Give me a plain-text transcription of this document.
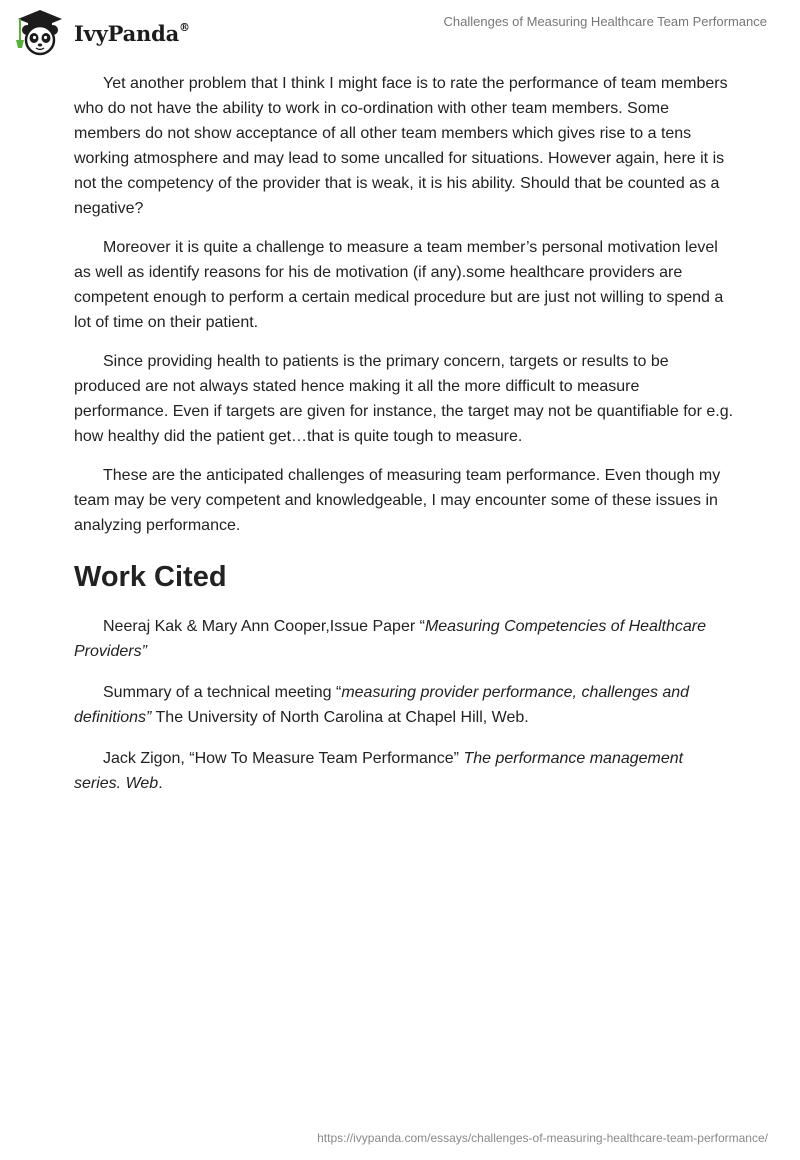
IvyPanda®	Challenges of Measuring Healthcare Team Performance

Yet another problem that I think I might face is to rate the performance of team members who do not have the ability to work in co-ordination with other team members. Some members do not show acceptance of all other team members which gives rise to a tens working atmosphere and may lead to some uncalled for situations. However again, here it is not the competency of the provider that is weak, it is his ability. Should that be counted as a negative?

Moreover it is quite a challenge to measure a team member’s personal motivation level as well as identify reasons for his de motivation (if any).some healthcare providers are competent enough to perform a certain medical procedure but are just not willing to spend a lot of time on their patient.

Since providing health to patients is the primary concern, targets or results to be produced are not always stated hence making it all the more difficult to measure performance. Even if targets are given for instance, the target may not be quantifiable for e.g. how healthy did the patient get…that is quite tough to measure.

These are the anticipated challenges of measuring team performance. Even though my team may be very competent and knowledgeable, I may encounter some of these issues in analyzing performance.

Work Cited

Neeraj Kak & Mary Ann Cooper,Issue Paper “Measuring Competencies of Healthcare Providers”

Summary of a technical meeting “measuring provider performance, challenges and definitions” The University of North Carolina at Chapel Hill, Web.

Jack Zigon, “How To Measure Team Performance” The performance management series. Web.

https://ivypanda.com/essays/challenges-of-measuring-healthcare-team-performance/
